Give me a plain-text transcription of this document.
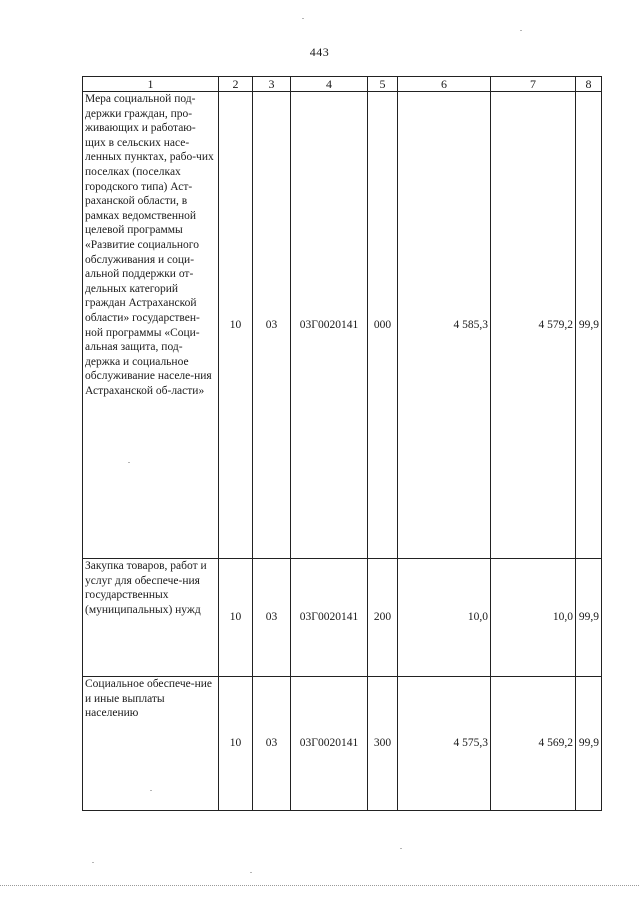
443
1	2	3	4	5	6	7	8
Мера социальной под-держки граждан, про-живающих и работаю-щих в сельских насе-ленных пунктах, рабо-чих поселках (поселках городского типа) Аст-раханской области, в рамках ведомственной целевой программы «Развитие социального обслуживания и соци-альной поддержки от-дельных категорий граждан Астраханской области» государствен-ной программы «Соци-альная защита, под-держка и социальное обслуживание населе-ния Астраханской об-ласти»	10	03	03Г0020141	000	4 585,3	4 579,2	99,9
Закупка товаров, работ и услуг для обеспече-ния государственных (муниципальных) нужд	10	03	03Г0020141	200	10,0	10,0	99,9
Социальное обеспече-ние и иные выплаты населению	10	03	03Г0020141	300	4 575,3	4 569,2	99,9
